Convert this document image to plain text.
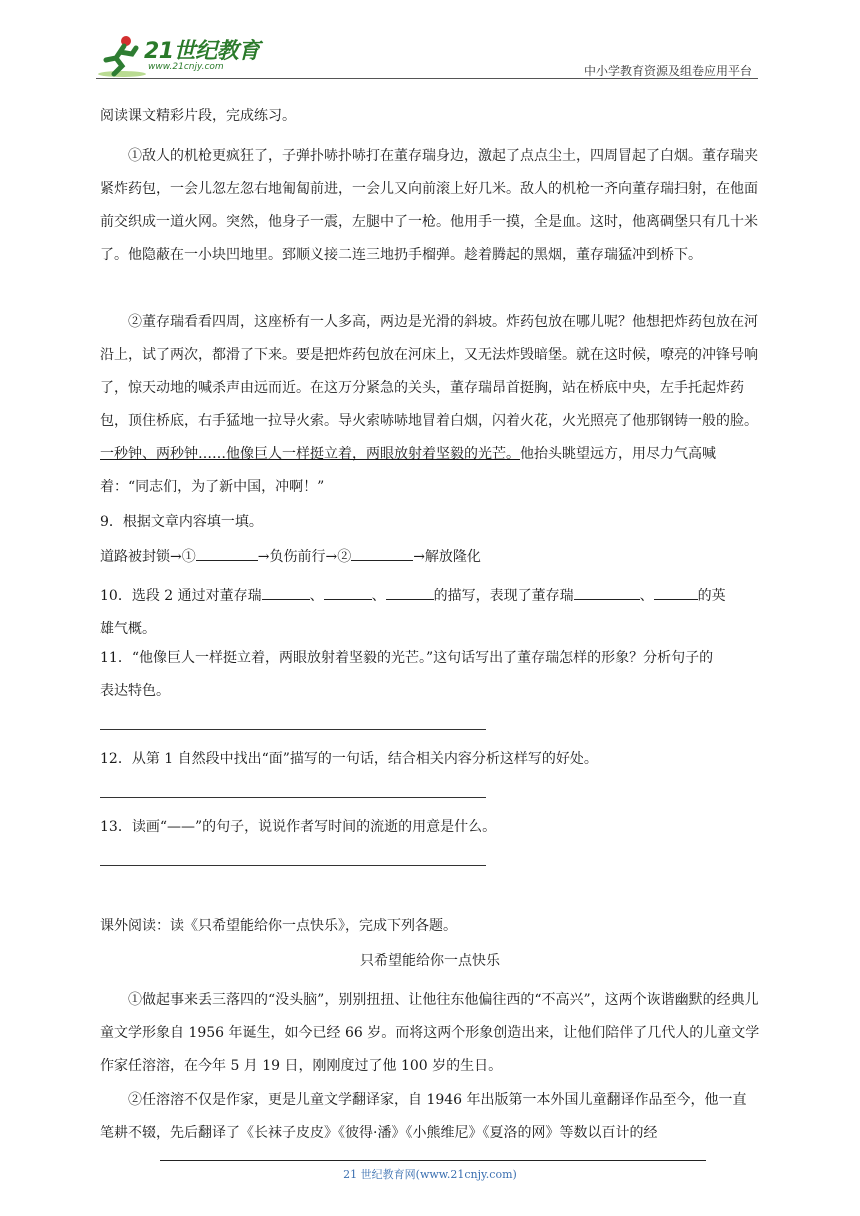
21世纪教育
www.21cnjy.com	中小学教育资源及组卷应用平台

阅读课文精彩片段，完成练习。

①敌人的机枪更疯狂了，子弹扑哧扑哧打在董存瑞身边，激起了点点尘土，四周冒起了白烟。董存瑞夹紧炸药包，一会儿忽左忽右地匍匐前进，一会儿又向前滚上好几米。敌人的机枪一齐向董存瑞扫射，在他面前交织成一道火网。突然，他身子一震，左腿中了一枪。他用手一摸，全是血。这时，他离碉堡只有几十米了。他隐蔽在一小块凹地里。郅顺义接二连三地扔手榴弹。趁着腾起的黑烟，董存瑞猛冲到桥下。

②董存瑞看看四周，这座桥有一人多高，两边是光滑的斜坡。炸药包放在哪儿呢？他想把炸药包放在河沿上，试了两次，都滑了下来。要是把炸药包放在河床上，又无法炸毁暗堡。就在这时候，嘹亮的冲锋号响了，惊天动地的喊杀声由远而近。在这万分紧急的关头，董存瑞昂首挺胸，站在桥底中央，左手托起炸药包，顶住桥底，右手猛地一拉导火索。导火索哧哧地冒着白烟，闪着火花，火光照亮了他那钢铸一般的脸。一秒钟、两秒钟……他像巨人一样挺立着，两眼放射着坚毅的光芒。他抬头眺望远方，用尽力气高喊着：“同志们，为了新中国，冲啊！”

9．根据文章内容填一填。

道路被封锁→①	→负伤前行→②	→解放隆化

10．选段 2 通过对董存瑞	、	、	的描写，表现了董存瑞	、	的英
雄气概。

11．“他像巨人一样挺立着，两眼放射着坚毅的光芒。”这句话写出了董存瑞怎样的形象？分析句子的

表达特色。

12．从第 1 自然段中找出“面”描写的一句话，结合相关内容分析这样写的好处。

13．读画“——”的句子，说说作者写时间的流逝的用意是什么。

课外阅读：读《只希望能给你一点快乐》，完成下列各题。

只希望能给你一点快乐

①做起事来丢三落四的“没头脑”，别别扭扭、让他往东他偏往西的“不高兴”，这两个诙谐幽默的经典儿童文学形象自 1956 年诞生，如今已经 66 岁。而将这两个形象创造出来，让他们陪伴了几代人的儿童文学作家任溶溶，在今年 5 月 19 日，刚刚度过了他 100 岁的生日。

②任溶溶不仅是作家，更是儿童文学翻译家，自 1946 年出版第一本外国儿童翻译作品至今，他一直笔耕不辍，先后翻译了《长袜子皮皮》《彼得·潘》《小熊维尼》《夏洛的网》等数以百计的经

21 世纪教育网(www.21cnjy.com)
